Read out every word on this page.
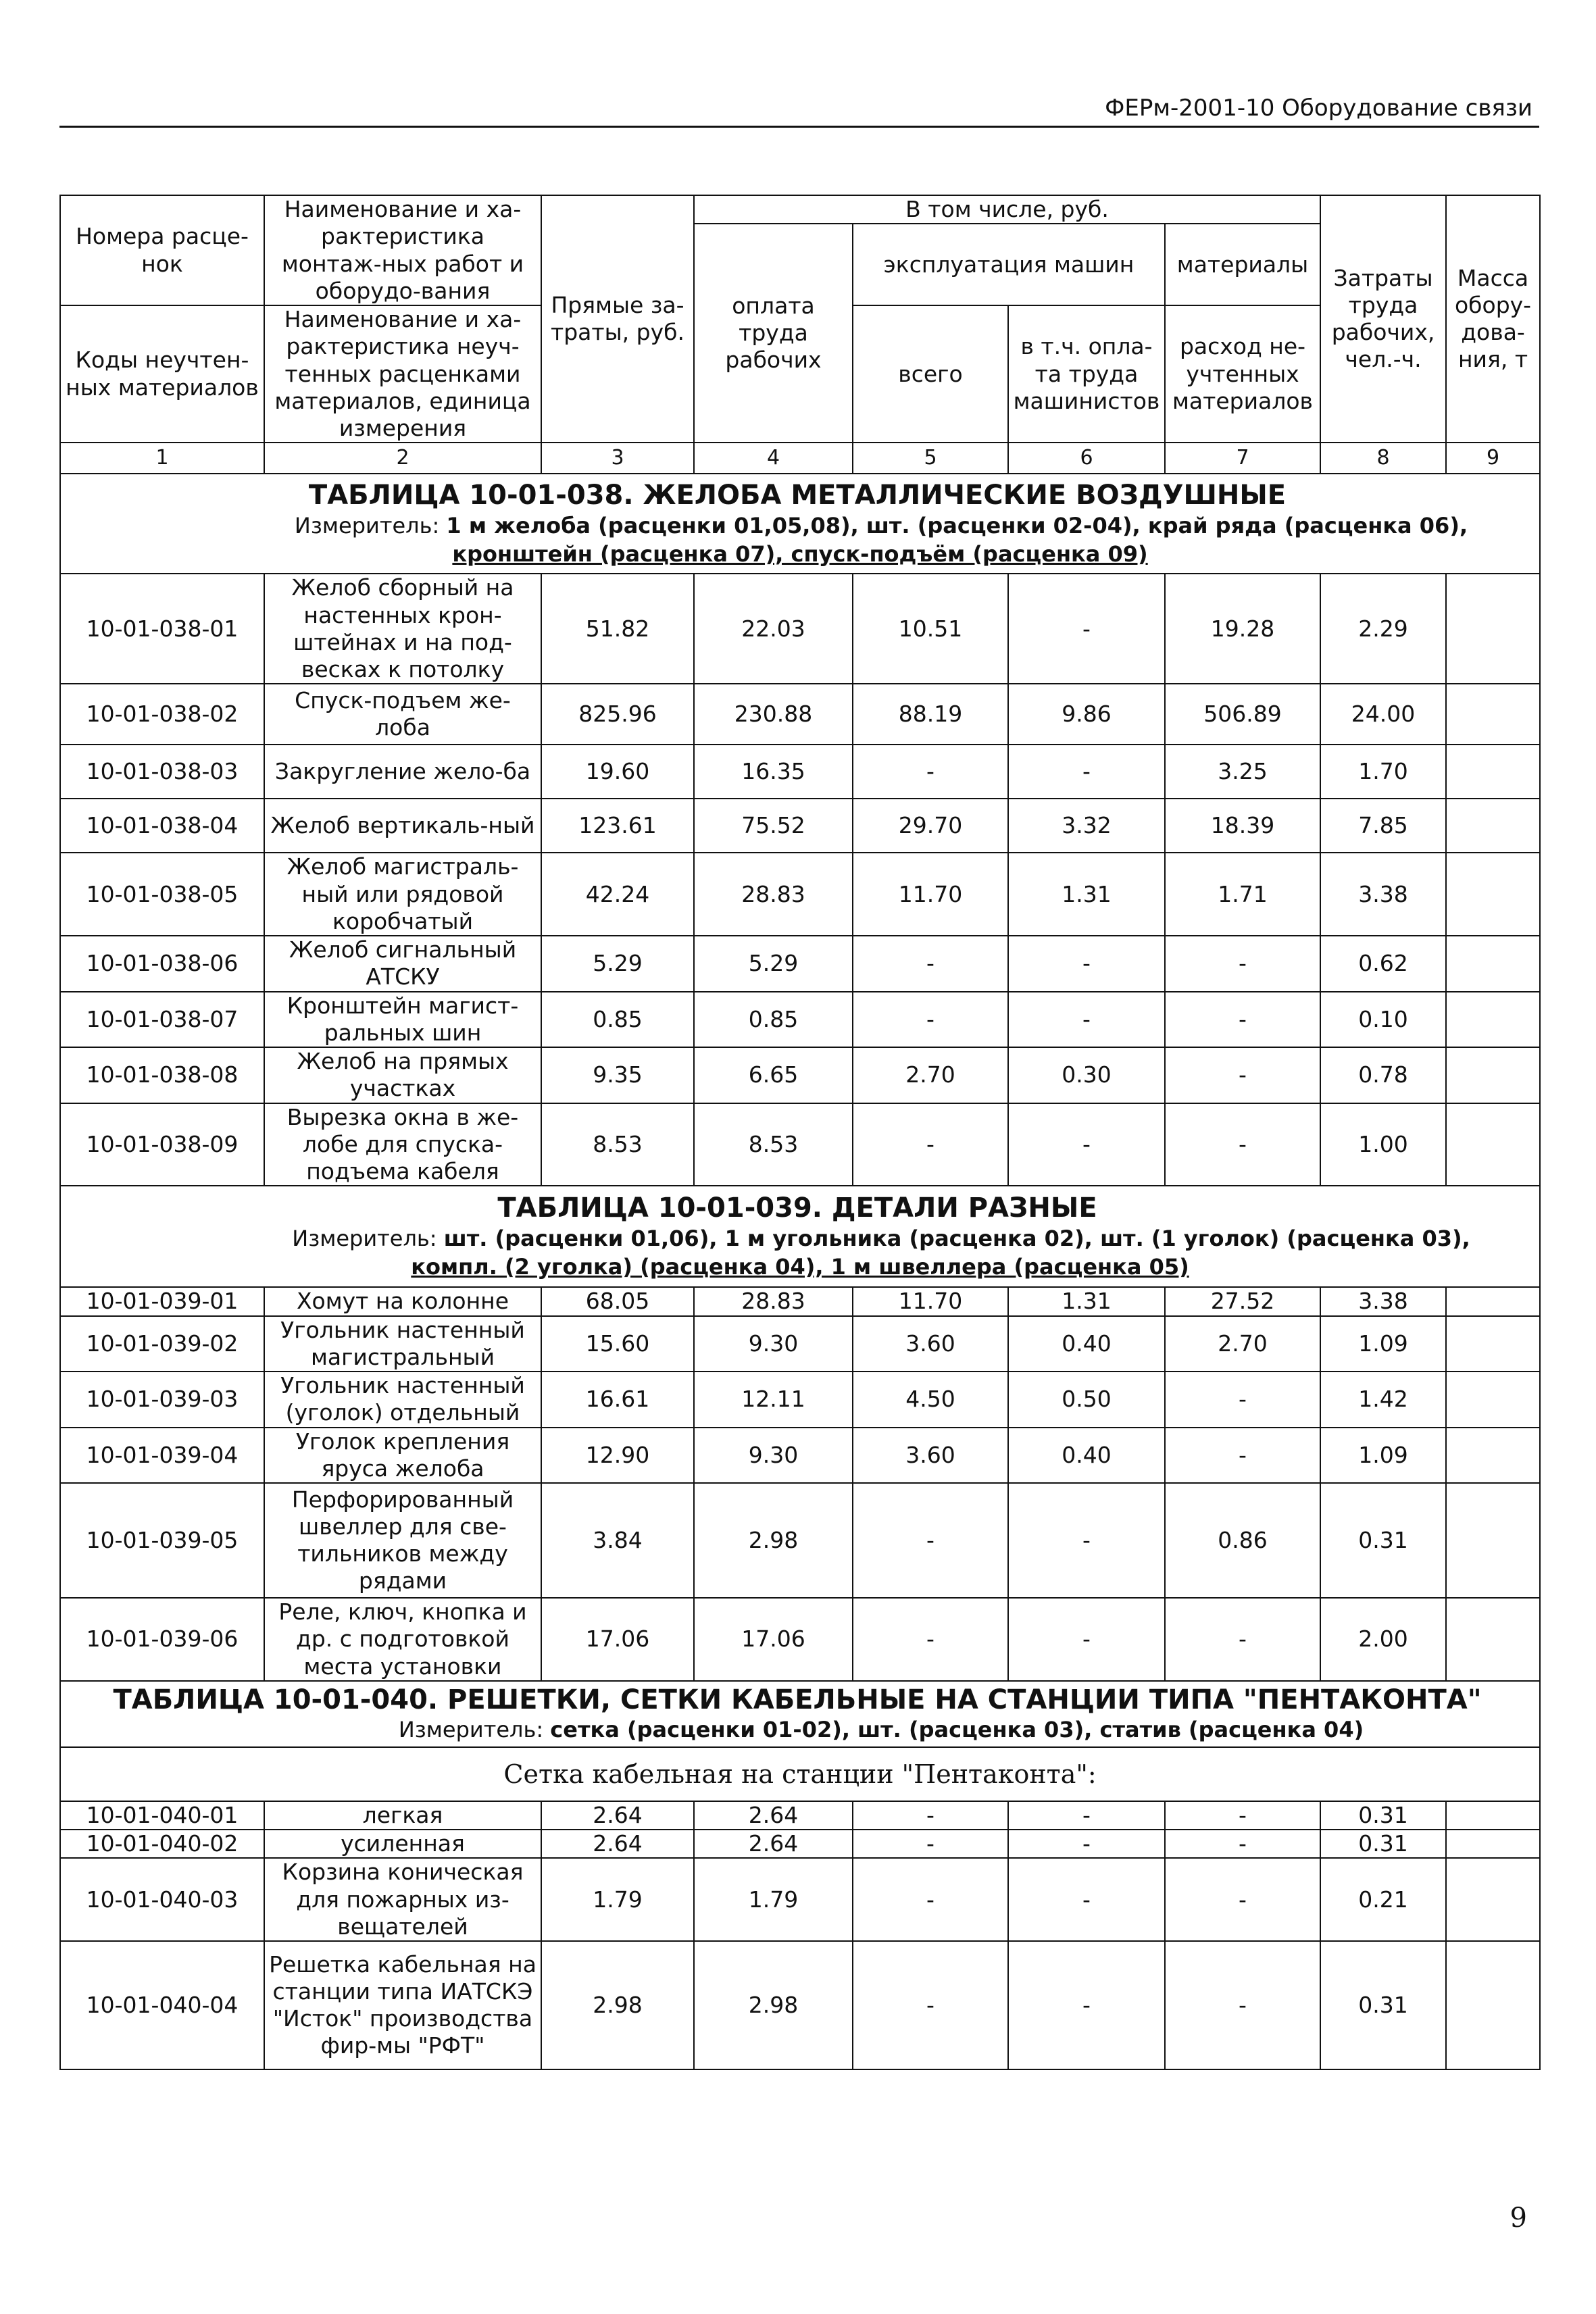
ФЕРм-2001-10 Оборудование связи
Номера расце-нок	Наименование и ха-рактеристика монтаж-ных работ и оборудо-вания	Прямые за-траты, руб.	В том числе, руб.				Затраты труда рабочих, чел.-ч.	Масса обору-дова-ния, т
			оплата труда рабочих	эксплуатация машин		материалы		
Коды неучтен-ных материалов	Наименование и ха-рактеристика неуч-тенных расценками материалов, единица измерения			всего	в т.ч. опла-та труда машинистов	расход не-учтенных материалов		

1	2	3	4	5	6	7	8	9

ТАБЛИЦА 10-01-038. ЖЕЛОБА МЕТАЛЛИЧЕСКИЕ ВОЗДУШНЫЕ
Измеритель: 1 м желоба (расценки 01,05,08), шт. (расценки 02-04), край ряда (расценка 06),
кронштейн (расценка 07), спуск-подъём (расценка 09)								

10-01-038-01	Желоб сборный на настенных крон-штейнах и на под-весках к потолку	51.82	22.03	10.51	-	19.28	2.29	
10-01-038-02	Спуск-подъем же-лоба	825.96	230.88	88.19	9.86	506.89	24.00	
10-01-038-03	Закругление жело-ба	19.60	16.35	-	-	3.25	1.70	
10-01-038-04	Желоб вертикаль-ный	123.61	75.52	29.70	3.32	18.39	7.85	
10-01-038-05	Желоб магистраль-ный или рядовой коробчатый	42.24	28.83	11.70	1.31	1.71	3.38	
10-01-038-06	Желоб сигнальный АТСКУ	5.29	5.29	-	-	-	0.62	
10-01-038-07	Кронштейн магист-ральных шин	0.85	0.85	-	-	-	0.10	
10-01-038-08	Желоб на прямых участках	9.35	6.65	2.70	0.30	-	0.78	
10-01-038-09	Вырезка окна в же-лобе для спуска-подъема кабеля	8.53	8.53	-	-	-	1.00	

ТАБЛИЦА 10-01-039. ДЕТАЛИ РАЗНЫЕ
Измеритель: шт. (расценки 01,06), 1 м угольника (расценка 02), шт. (1 уголок) (расценка 03),
компл. (2 уголка) (расценка 04), 1 м швеллера (расценка 05)								

10-01-039-01	Хомут на колонне	68.05	28.83	11.70	1.31	27.52	3.38	
10-01-039-02	Угольник настенный магистральный	15.60	9.30	3.60	0.40	2.70	1.09	
10-01-039-03	Угольник настенный (уголок) отдельный	16.61	12.11	4.50	0.50	-	1.42	
10-01-039-04	Уголок крепления яруса желоба	12.90	9.30	3.60	0.40	-	1.09	
10-01-039-05	Перфорированный швеллер для све-тильников между рядами	3.84	2.98	-	-	0.86	0.31	
10-01-039-06	Реле, ключ, кнопка и др. с подготовкой места установки	17.06	17.06	-	-	-	2.00	

ТАБЛИЦА 10-01-040. РЕШЕТКИ, СЕТКИ КАБЕЛЬНЫЕ НА СТАНЦИИ ТИПА "ПЕНТАКОНТА"
Измеритель: сетка (расценки 01-02), шт. (расценка 03), статив (расценка 04)								

Сетка кабельная на станции "Пентаконта":								
10-01-040-01	легкая	2.64	2.64	-	-	-	0.31	
10-01-040-02	усиленная	2.64	2.64	-	-	-	0.31	
10-01-040-03	Корзина коническая для пожарных из-вещателей	1.79	1.79	-	-	-	0.21	
10-01-040-04	Решетка кабельная на станции типа ИАТСКЭ "Исток" производства фир-мы "РФТ"	2.98	2.98	-	-	-	0.31	
9
